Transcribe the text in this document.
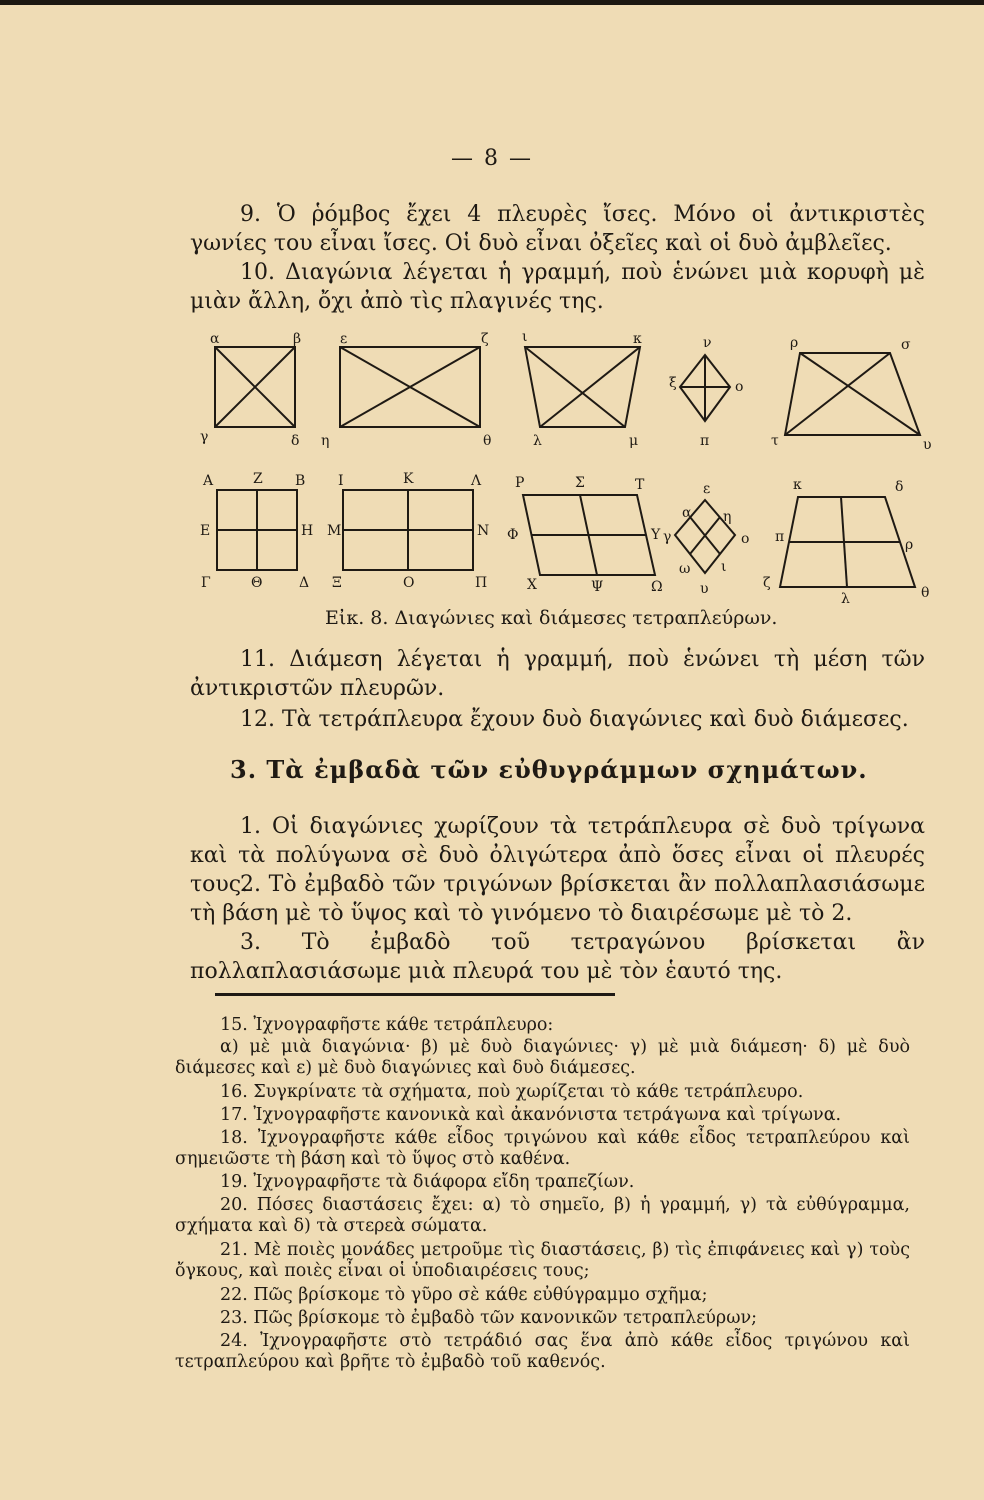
— 8 —

9. Ὁ ῥόμβος ἔχει 4 πλευρὲς ἴσες. Μόνο οἱ ἀντικριστὲς γωνίες του εἶναι ἴσες. Οἱ δυὸ εἶναι ὀξεῖες καὶ οἱ δυὸ ἀμβλεῖες.

10. Διαγώνια λέγεται ἡ γραμμή, ποὺ ἑνώνει μιὰ κορυφὴ μὲ μιὰν ἄλλη, ὄχι ἀπὸ τὶς πλαγινές της.

α	β
γ	δ
ε	ζ
η	θ
ι	κ
λ	μ
ν
ξ	ο
π
ρ	σ
τ	υ
Α	Ζ Β
Ε	Η
Γ	Θ	Δ
Ι	Κ	Λ
Μ	Ν
Ξ	Ο	Π
Ρ	Σ	Τ
Φ	Υ
Χ	Ψ	Ω
α η
ε
ο
ω ι
υ
γ
κ	δ
π	ρ
ζ
λ	θ
Εἰκ. 8. Διαγώνιες καὶ διάμεσες τετραπλεύρων.

11. Διάμεση λέγεται ἡ γραμμή, ποὺ ἑνώνει τὴ μέση τῶν ἀντικριστῶν πλευρῶν.

12. Τὰ τετράπλευρα ἔχουν δυὸ διαγώνιες καὶ δυὸ διάμεσες.

3. Τὰ ἐμβαδὰ τῶν εὐθυγράμμων σχημάτων.

1. Οἱ διαγώνιες χωρίζουν τὰ τετράπλευρα σὲ δυὸ τρίγωνα καὶ τὰ πολύγωνα σὲ δυὸ ὀλιγώτερα ἀπὸ ὅσες εἶναι οἱ πλευρές τους.

2. Τὸ ἐμβαδὸ τῶν τριγώνων βρίσκεται ἂν πολλαπλασιάσωμε τὴ βάση μὲ τὸ ὕψος καὶ τὸ γινόμενο τὸ διαιρέσωμε μὲ τὸ 2.

3. Τὸ ἐμβαδὸ τοῦ τετραγώνου βρίσκεται ἂν πολλαπλασιάσωμε μιὰ πλευρά του μὲ τὸν ἑαυτό της.

15. Ἰχνογραφῆστε κάθε τετράπλευρο:

α) μὲ μιὰ διαγώνια· β) μὲ δυὸ διαγώνιες· γ) μὲ μιὰ διάμεση· δ) μὲ δυὸ διάμεσες καὶ ε) μὲ δυὸ διαγώνιες καὶ δυὸ διάμεσες.

16. Συγκρίνατε τὰ σχήματα, ποὺ χωρίζεται τὸ κάθε τετράπλευρο.

17. Ἰχνογραφῆστε κανονικὰ καὶ ἀκανόνιστα τετράγωνα καὶ τρίγωνα.

18. Ἰχνογραφῆστε κάθε εἶδος τριγώνου καὶ κάθε εἶδος τετραπλεύρου καὶ σημειῶστε τὴ βάση καὶ τὸ ὕψος στὸ καθένα.

19. Ἰχνογραφῆστε τὰ διάφορα εἴδη τραπεζίων.

20. Πόσες διαστάσεις ἔχει: α) τὸ σημεῖο, β) ἡ γραμμή, γ) τὰ εὐθύγραμμα, σχήματα καὶ δ) τὰ στερεὰ σώματα.

21. Μὲ ποιὲς μονάδες μετροῦμε τὶς διαστάσεις, β) τὶς ἐπιφάνειες καὶ γ) τοὺς ὄγκους, καὶ ποιὲς εἶναι οἱ ὑποδιαιρέσεις τους;

22. Πῶς βρίσκομε τὸ γῦρο σὲ κάθε εὐθύγραμμο σχῆμα;

23. Πῶς βρίσκομε τὸ ἐμβαδὸ τῶν κανονικῶν τετραπλεύρων;

24. Ἰχνογραφῆστε στὸ τετράδιό σας ἕνα ἀπὸ κάθε εἶδος τριγώνου καὶ τετραπλεύρου καὶ βρῆτε τὸ ἐμβαδὸ τοῦ καθενός.
